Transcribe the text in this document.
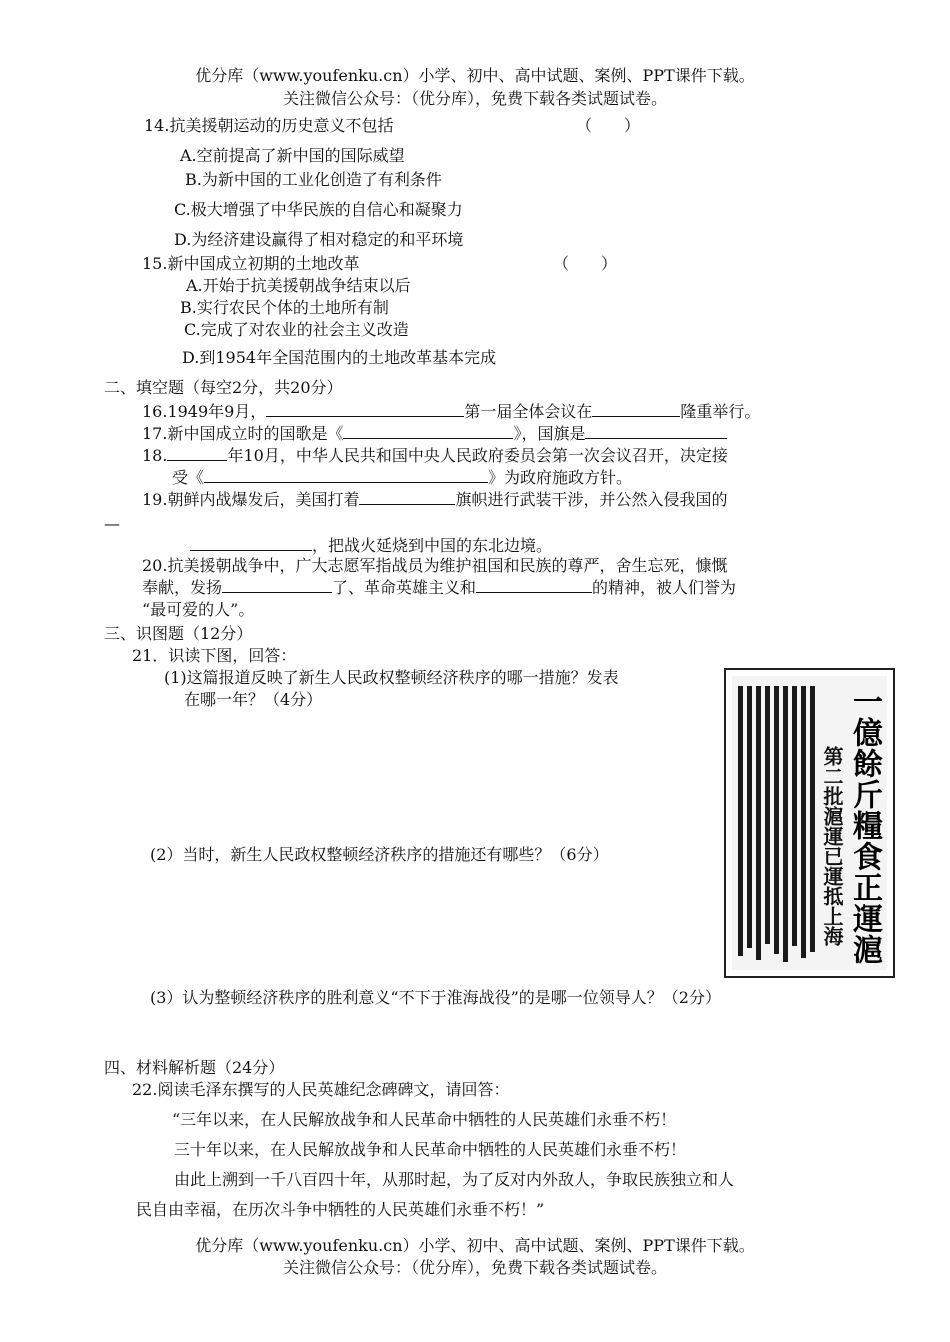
优分库（www.youfenku.cn）小学、初中、高中试题、案例、PPT课件下载。
关注微信公众号：（优分库），免费下载各类试题试卷。
14.抗美援朝运动的历史意义不包括	（　　）
A.空前提高了新中国的国际威望
B.为新中国的工业化创造了有利条件
C.极大增强了中华民族的自信心和凝聚力
D.为经济建设赢得了相对稳定的和平环境
15.新中国成立初期的土地改革	（　　）
A.开始于抗美援朝战争结束以后
B.实行农民个体的土地所有制
C.完成了对农业的社会主义改造
D.到1954年全国范围内的土地改革基本完成
二、填空题（每空2分，共20分）
16.1949年9月，	第一届全体会议在	隆重举行。
17.新中国成立时的国歌是《	》，国旗是
18.	年10月，中华人民共和国中央人民政府委员会第一次会议召开，决定接
受《	》为政府施政方针。
19.朝鲜内战爆发后，美国打着	旗帜进行武装干涉，并公然入侵我国的
—
，把战火延烧到中国的东北边境。
20.抗美援朝战争中，广大志愿军指战员为维护祖国和民族的尊严，舍生忘死，慷慨
奉献，发扬	了、革命英雄主义和	的精神，被人们誉为
“最可爱的人”。
三、识图题（12分）
21．识读下图，回答：
(1)这篇报道反映了新生人民政权整顿经济秩序的哪一措施？发表
在哪一年？（4分）
(2）当时，新生人民政权整顿经济秩序的措施还有哪些？（6分）
(3）认为整顿经济秩序的胜利意义“不下于淮海战役”的是哪一位领导人？（2分）
第二批滬運已運抵上海 一億餘斤糧食正運滬
四、材料解析题（24分）
22.阅读毛泽东撰写的人民英雄纪念碑碑文，请回答：
“三年以来，在人民解放战争和人民革命中牺牲的人民英雄们永垂不朽！
三十年以来，在人民解放战争和人民革命中牺牲的人民英雄们永垂不朽！
由此上溯到一千八百四十年，从那时起，为了反对内外敌人，争取民族独立和人
民自由幸福，在历次斗争中牺牲的人民英雄们永垂不朽！”
优分库（www.youfenku.cn）小学、初中、高中试题、案例、PPT课件下载。
关注微信公众号：（优分库），免费下载各类试题试卷。
